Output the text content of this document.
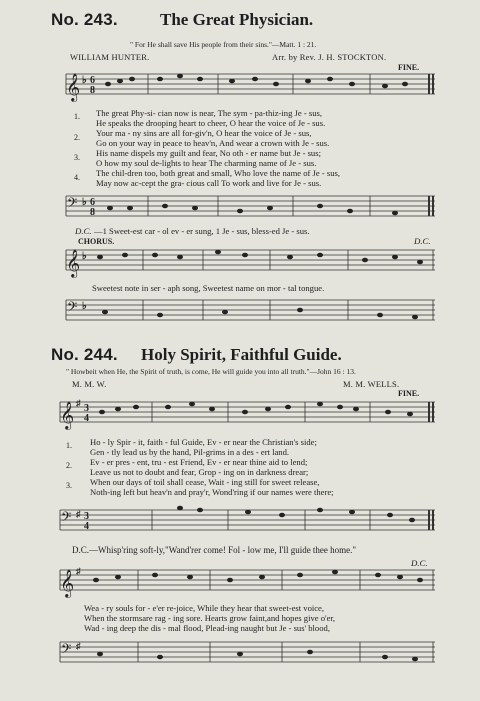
No. 243. The Great Physician.
" For He shall save His people from their sins."—Matt. 1 : 21.
WILLIAM HUNTER.	Arr. by Rev. J. H. STOCKTON.
FINE.
𝄞 ♭ 6
8
1.
2.
3.
4.
The great Phy-si- cian now is near, The sym - pa-thiz-ing Je - sus,
He speaks the drooping heart to cheer, O hear the voice of Je - sus.
Your ma - ny sins are all for-giv'n, O hear the voice of Je - sus,
Go on your way in peace to heav'n, And wear a crown with Je - sus.
His name dispels my guilt and fear, No oth - er name but Je - sus;
O how my soul de-lights to hear The charming name of Je - sus.
The chil-dren too, both great and small, Who love the name of Je - sus,
May now ac-cept the gra- cious call To work and live for Je - sus.
𝄢 ♭ 6
8
D.C. —1 Sweet-est car - ol ev - er sung, 1 Je - sus, bless-ed Je - sus.
CHORUS.	D.C.
𝄞 ♭
Sweetest note in ser - aph song, Sweetest name on mor - tal tongue.
𝄢 ♭
No. 244. Holy Spirit, Faithful Guide.
" Howbeit when He, the Spirit of truth, is come, He will guide you into all truth."—John 16 : 13.
M. M. W.	M. M. WELLS.
FINE.
𝄞 ♯ 3
4
1.
2.
3.
Ho - ly Spir - it, faith - ful Guide, Ev - er near the Christian's side;
Gen - tly lead us by the hand, Pil-grims in a des - ert land.
Ev - er pres - ent, tru - est Friend, Ev - er near thine aid to lend;
Leave us not to doubt and fear, Grop - ing on in darkness drear;
When our days of toil shall cease, Wait - ing still for sweet release,
Noth-ing left but heav'n and pray'r, Wond'ring if our names were there;
𝄢 ♯ 3
4
D.C.—Whisp'ring soft-ly,"Wand'rer come! Fol - low me, I'll guide thee home."
D.C.
𝄞 ♯
Wea - ry souls for - e'er re-joice, While they hear that sweet-est voice,
When the stormsare rag - ing sore. Hearts grow faint,and hopes give o'er,
Wad - ing deep the dis - mal flood, Plead-ing naught but Je - sus' blood,
𝄢 ♯
